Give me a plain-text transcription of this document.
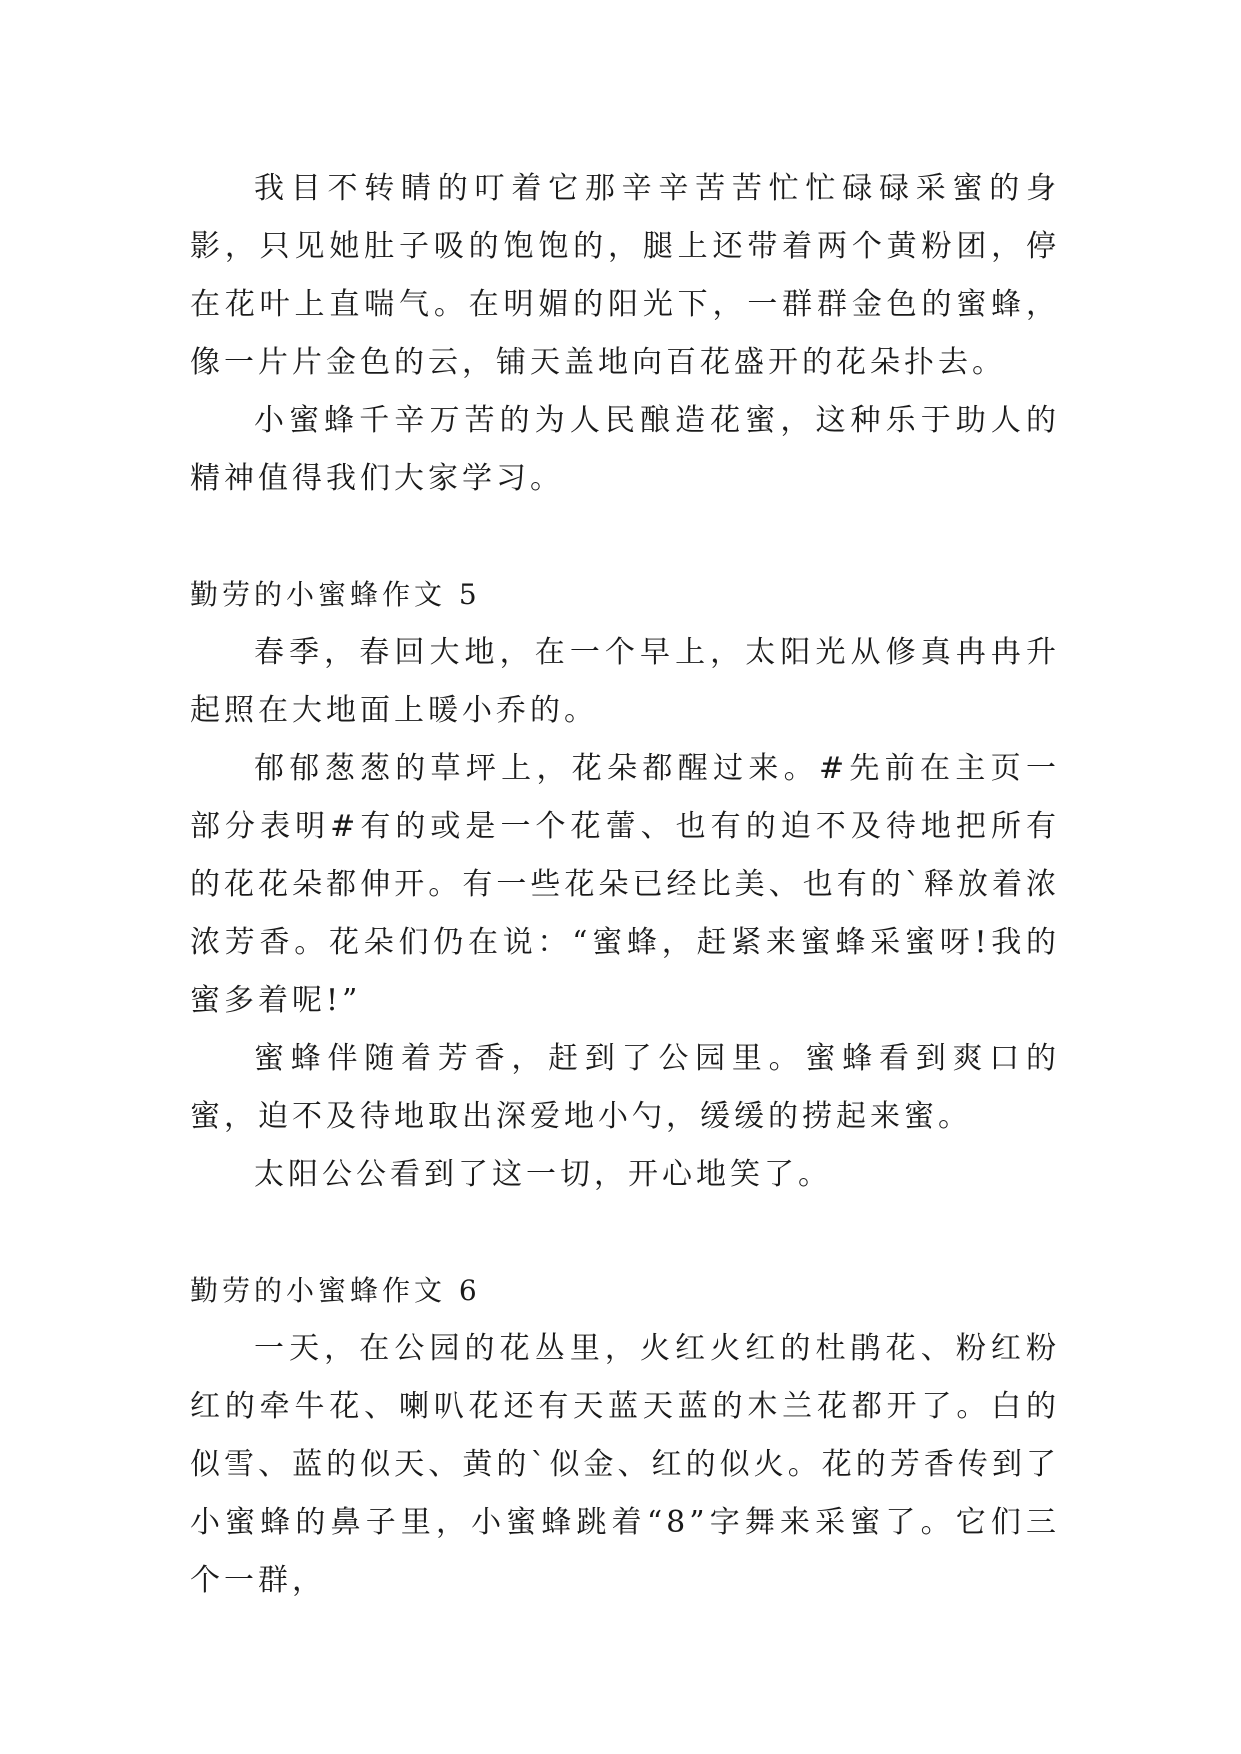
我目不转睛的叮着它那辛辛苦苦忙忙碌碌采蜜的身影，只见她肚子吸的饱饱的，腿上还带着两个黄粉团，停在花叶上直喘气。在明媚的阳光下，一群群金色的蜜蜂，像一片片金色的云，铺天盖地向百花盛开的花朵扑去。

小蜜蜂千辛万苦的为人民酿造花蜜，这种乐于助人的精神值得我们大家学习。

勤劳的小蜜蜂作文 5

春季，春回大地，在一个早上，太阳光从修真冉冉升起照在大地面上暖小乔的。

郁郁葱葱的草坪上，花朵都醒过来。#先前在主页一部分表明#有的或是一个花蕾、也有的迫不及待地把所有的花花朵都伸开。有一些花朵已经比美、也有的`释放着浓浓芳香。花朵们仍在说：“蜜蜂，赶紧来蜜蜂采蜜呀!我的蜜多着呢!”

蜜蜂伴随着芳香，赶到了公园里。蜜蜂看到爽口的蜜，迫不及待地取出深爱地小勺，缓缓的捞起来蜜。

太阳公公看到了这一切，开心地笑了。

勤劳的小蜜蜂作文 6

一天，在公园的花丛里，火红火红的杜鹃花、粉红粉红的牵牛花、喇叭花还有天蓝天蓝的木兰花都开了。白的似雪、蓝的似天、黄的`似金、红的似火。花的芳香传到了小蜜蜂的鼻子里，小蜜蜂跳着“8”字舞来采蜜了。它们三个一群，
